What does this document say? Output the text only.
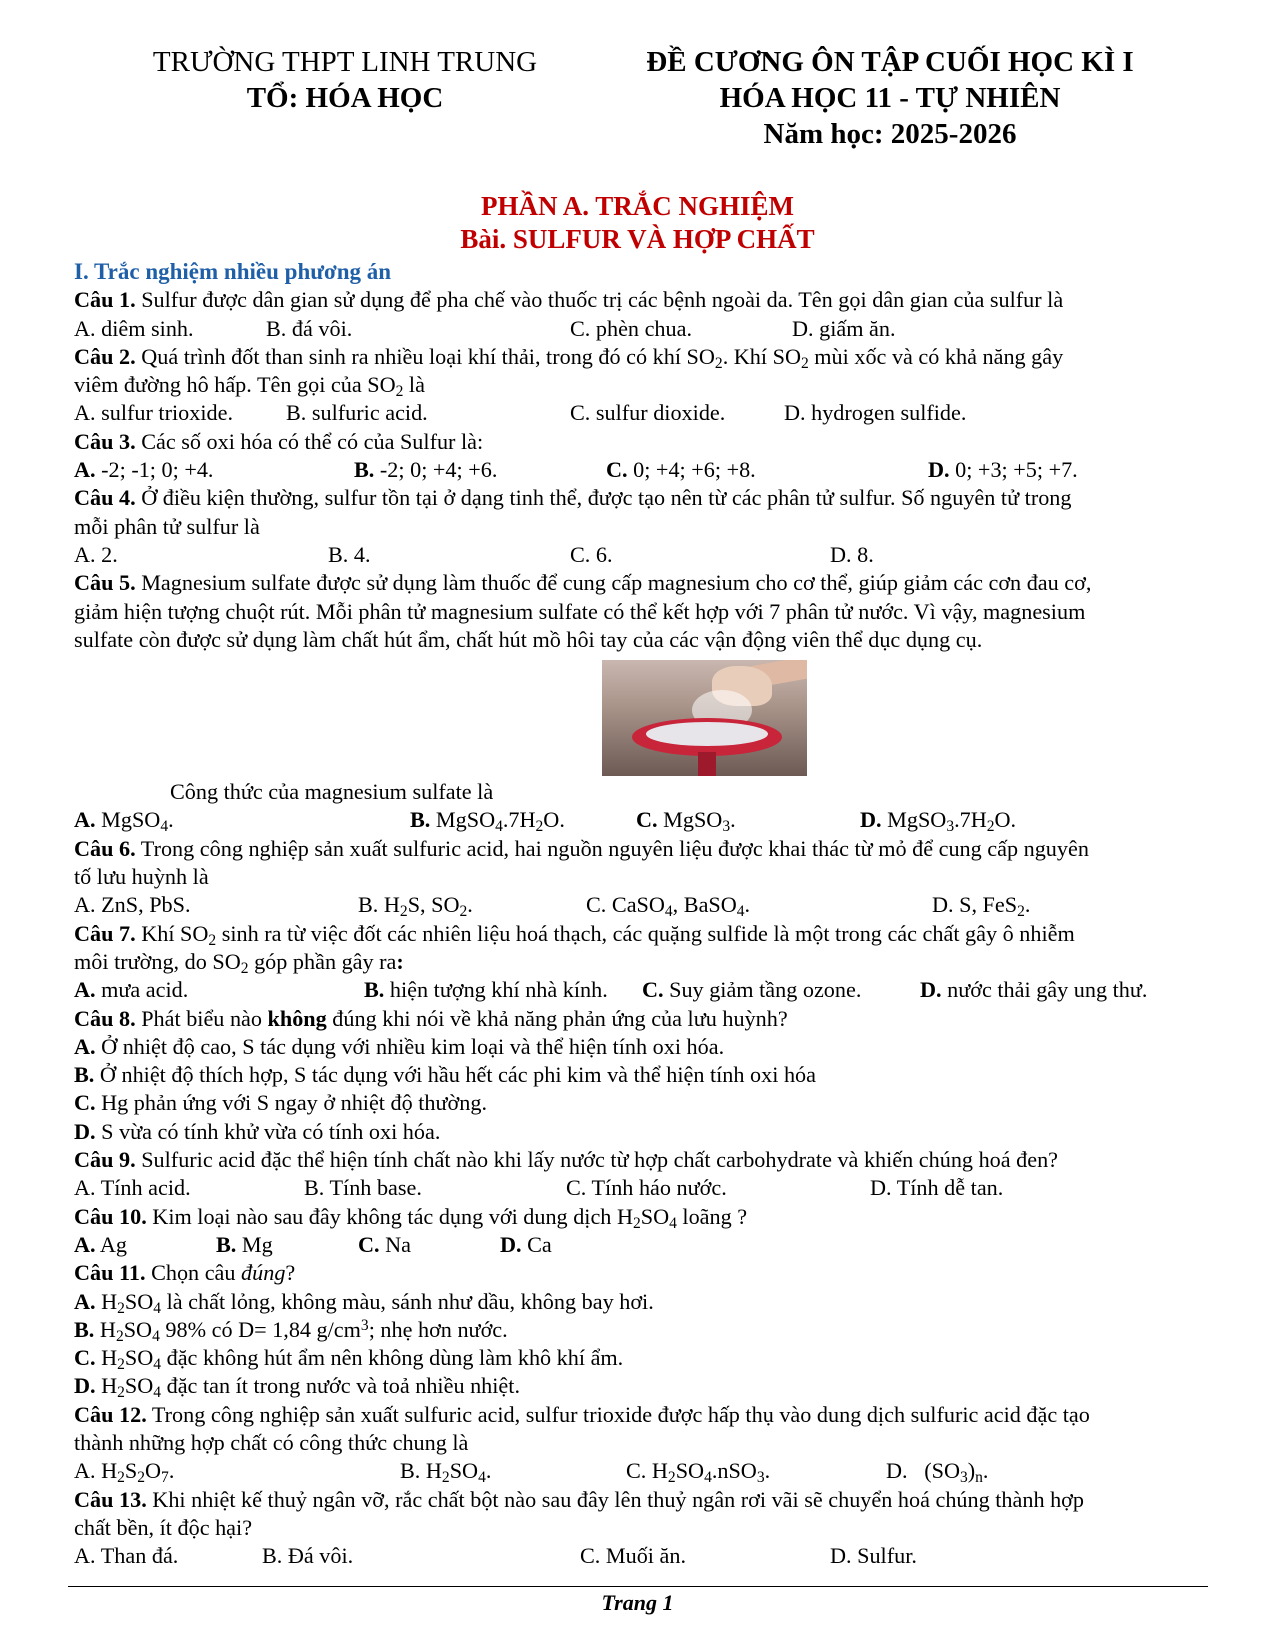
TRƯỜNG THPT LINH TRUNG
TỔ: HÓA HỌC
ĐỀ CƯƠNG ÔN TẬP CUỐI HỌC KÌ I
HÓA HỌC 11 - TỰ NHIÊN
Năm học: 2025-2026
PHẦN A. TRẮC NGHIỆM
Bài. SULFUR VÀ HỢP CHẤT
I. Trắc nghiệm nhiều phương án
Câu 1. Sulfur được dân gian sử dụng để pha chế vào thuốc trị các bệnh ngoài da. Tên gọi dân gian của sulfur là
A. diêm sinh.	B. đá vôi.	C. phèn chua.	D. giấm ăn.
Câu 2. Quá trình đốt than sinh ra nhiều loại khí thải, trong đó có khí $SO_2$. Khí $SO_2$ mùi xốc và có khả năng gây
viêm đường hô hấp. Tên gọi của $SO_2$ là
A. sulfur trioxide. B. sulfuric acid.	C. sulfur dioxide.	D. hydrogen sulfide.
Câu 3. Các số oxi hóa có thể có của Sulfur là:
A. -2; -1; 0; +4.	B. -2; 0; +4; +6.	C. 0; +4; +6; +8.	D. 0; +3; +5; +7.
Câu 4. Ở điều kiện thường, sulfur tồn tại ở dạng tinh thể, được tạo nên từ các phân tử sulfur. Số nguyên tử trong
mỗi phân tử sulfur là
A. 2.	B. 4.	C. 6.	D. 8.
Câu 5. Magnesium sulfate được sử dụng làm thuốc để cung cấp magnesium cho cơ thể, giúp giảm các cơn đau cơ,
giảm hiện tượng chuột rút. Mỗi phân tử magnesium sulfate có thể kết hợp với 7 phân tử nước. Vì vậy, magnesium
sulfate còn được sử dụng làm chất hút ẩm, chất hút mồ hôi tay của các vận động viên thể dục dụng cụ.
Công thức của magnesium sulfate là
A. MgSO$_4$.	B. $MgSO_4.7H_2O$.	C. MgSO$_3$.	D. $MgSO_3.7H_2O$.
Câu 6. Trong công nghiệp sản xuất sulfuric acid, hai nguồn nguyên liệu được khai thác từ mỏ để cung cấp nguyên
tố lưu huỳnh là
A. ZnS, PbS.	B. $H_2S$, $SO_2$.	C. CaSO$_4$, BaSO$_4$.	D. S, FeS$_2$.
Câu 7. Khí $SO_2$ sinh ra từ việc đốt các nhiên liệu hoá thạch, các quặng sulfide là một trong các chất gây ô nhiễm
môi trường, do $SO_2$ góp phần gây ra:
A. mưa acid.	B. hiện tượng khí nhà kính. C. Suy giảm tầng ozone.	D. nước thải gây ung thư.
Câu 8. Phát biểu nào không đúng khi nói về khả năng phản ứng của lưu huỳnh?
A. Ở nhiệt độ cao, S tác dụng với nhiều kim loại và thể hiện tính oxi hóa.
B. Ở nhiệt độ thích hợp, S tác dụng với hầu hết các phi kim và thể hiện tính oxi hóa
C. Hg phản ứng với S ngay ở nhiệt độ thường.
D. S vừa có tính khử vừa có tính oxi hóa.
Câu 9. Sulfuric acid đặc thể hiện tính chất nào khi lấy nước từ hợp chất carbohydrate và khiến chúng hoá đen?
A. Tính acid.	B. Tính base.	C. Tính háo nước.	D. Tính dễ tan.
Câu 10. Kim loại nào sau đây không tác dụng với dung dịch $H_2SO_4$ loãng ?
A. Ag	B. Mg	C. Na	D. Ca
Câu 11. Chọn câu đúng?
A. $H_2SO_4$ là chất lỏng, không màu, sánh như dầu, không bay hơi.
B. $H_2SO_4$ 98% có D= 1,84 $g/cm^3$; nhẹ hơn nước.
C. $H_2SO_4$ đặc không hút ẩm nên không dùng làm khô khí ẩm.
D. $H_2SO_4$ đặc tan ít trong nước và toả nhiều nhiệt.
Câu 12. Trong công nghiệp sản xuất sulfuric acid, sulfur trioxide được hấp thụ vào dung dịch sulfuric acid đặc tạo
thành những hợp chất có công thức chung là
A. $H_2S_2O_7$.	B. $H_2SO_4$.	C. $H_2SO_4.nSO_3$.	D.   $(SO_3)_n$.
Câu 13. Khi nhiệt kế thuỷ ngân vỡ, rắc chất bột nào sau đây lên thuỷ ngân rơi vãi sẽ chuyển hoá chúng thành hợp
chất bền, ít độc hại?
A. Than đá.	B. Đá vôi.	C. Muối ăn.	D. Sulfur.
Trang 1
